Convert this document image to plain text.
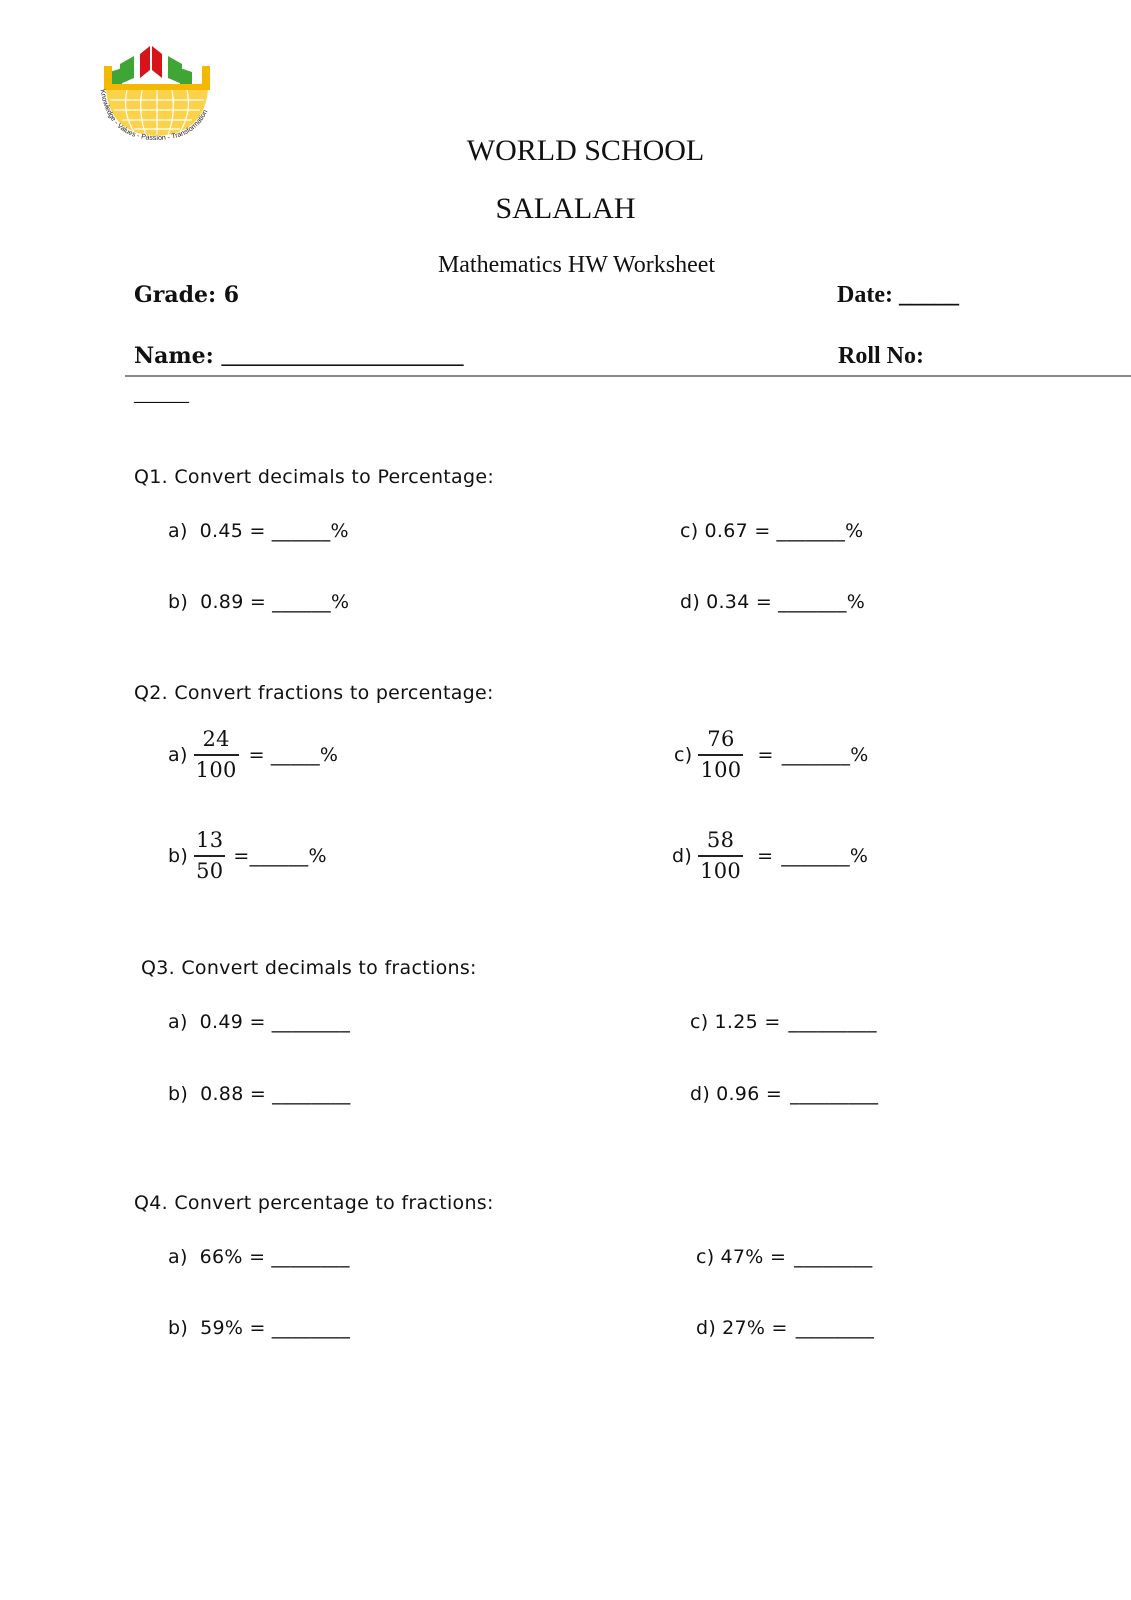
Knowledge - Values - Passion - Transformation
WORLD SCHOOL
SALALAH
Mathematics HW Worksheet
Grade: 6	Date: _____
Name: ______________________	Roll No:
_____
Q1. Convert decimals to Percentage:
a) 0.45 = ______ %
b) 0.89 = ______ %
c) 0.67 = _______ %
d) 0.34 = _______ %
Q2. Convert fractions to percentage:
$a) \frac{24}{100}$ = _____ %
$b) \frac{13}{50}$ = ______ %
$c) \frac{76}{100}$ = _______ %
$d) \frac{58}{100}$ = _______ %
Q3. Convert decimals to fractions:
a) 0.49 = ________
b) 0.88 = ________
c) 1.25 = _________
d) 0.96 = _________
Q4. Convert percentage to fractions:
a) 66% = ________
b) 59% = ________
c) 47% = ________
d) 27% = ________
